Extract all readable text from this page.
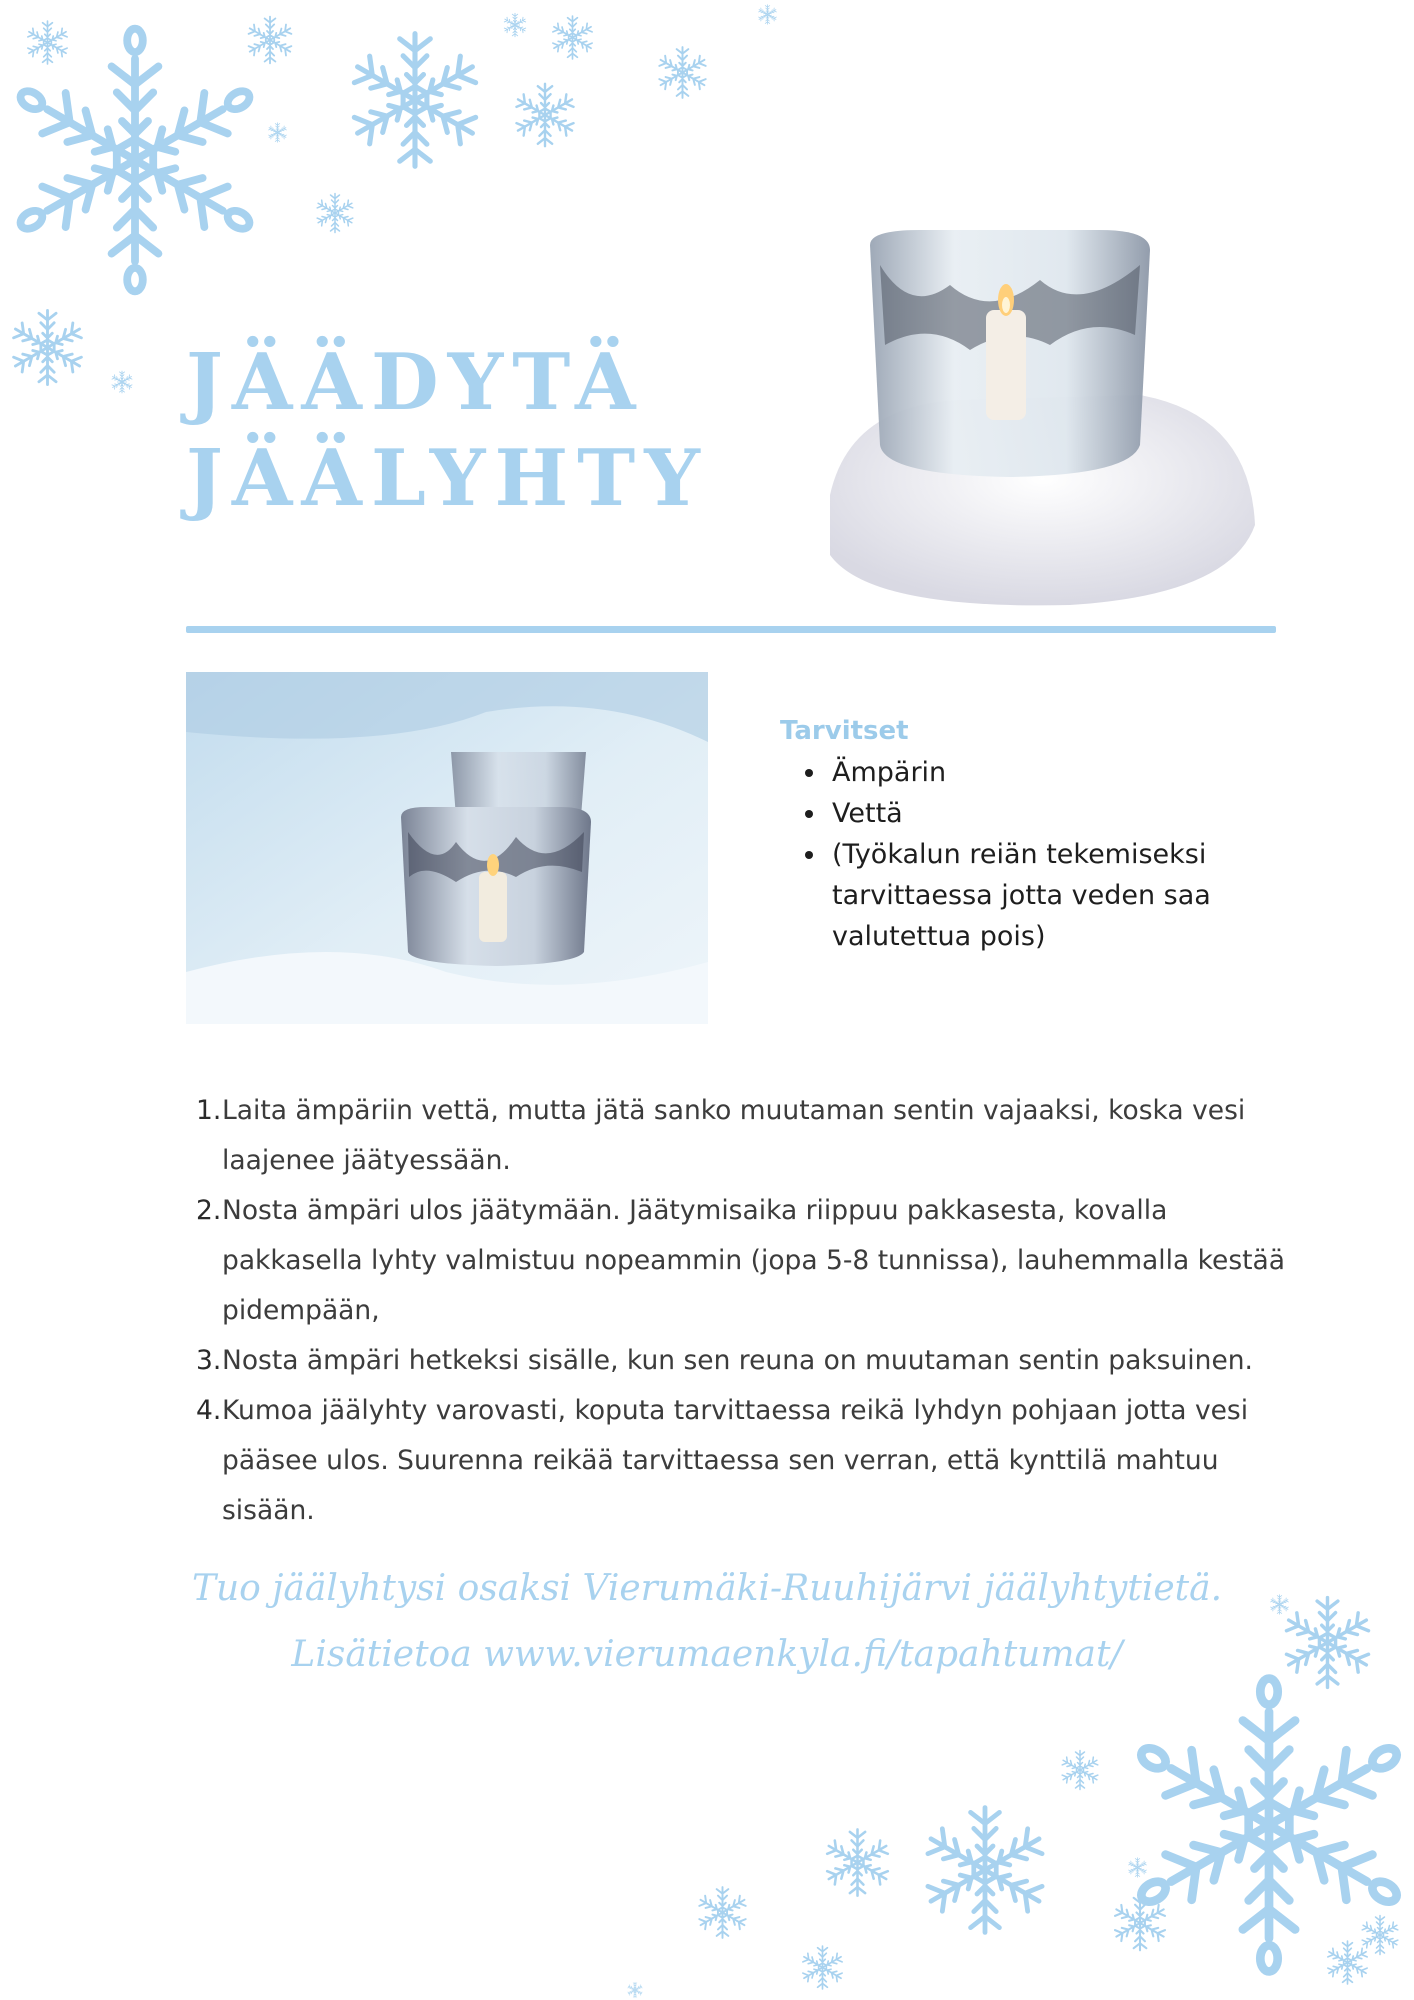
JÄÄDYTÄ
JÄÄLYHTY
Tarvitset
• Ämpärin
• Vettä
• (Työkalun reiän tekemiseksi tarvittaessa jotta veden saa valutettua pois)
1. Laita ämpäriin vettä, mutta jätä sanko muutaman sentin vajaaksi, koska vesi laajenee jäätyessään.
2. Nosta ämpäri ulos jäätymään. Jäätymisaika riippuu pakkasesta, kovalla pakkasella lyhty valmistuu nopeammin (jopa 5-8 tunnissa), lauhemmalla kestää pidempään,
3. Nosta ämpäri hetkeksi sisälle, kun sen reuna on muutaman sentin paksuinen.
4. Kumoa jäälyhty varovasti, koputa tarvittaessa reikä lyhdyn pohjaan jotta vesi pääsee ulos. Suurenna reikää tarvittaessa sen verran, että kynttilä mahtuu sisään.
Tuo jäälyhtysi osaksi Vierumäki-Ruuhijärvi jäälyhtytietä.
Lisätietoa www.vierumaenkyla.fi/tapahtumat/
